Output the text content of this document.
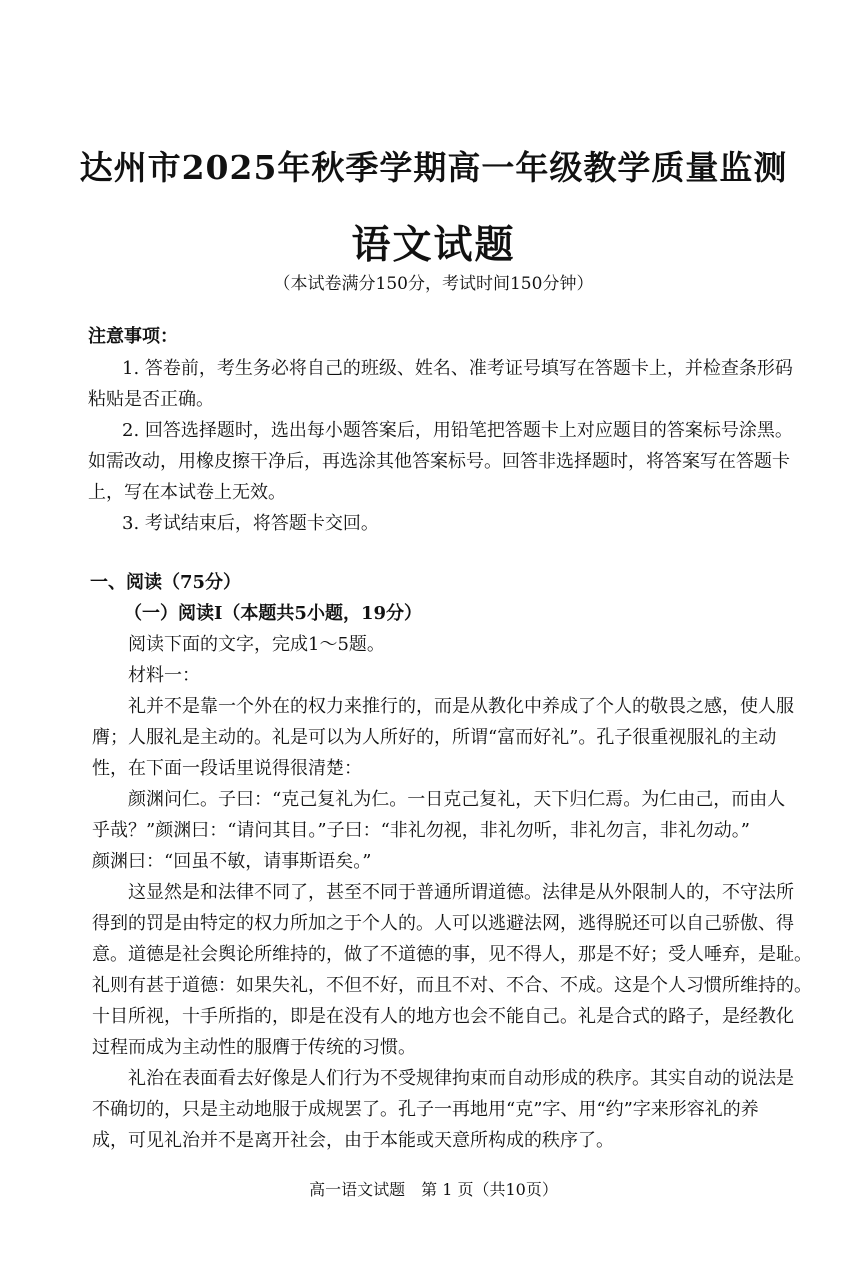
达州市2025年秋季学期高一年级教学质量监测
语文试题
（本试卷满分150分，考试时间150分钟）
注意事项：
1. 答卷前，考生务必将自己的班级、姓名、准考证号填写在答题卡上，并检查条形码
粘贴是否正确。
2. 回答选择题时，选出每小题答案后，用铅笔把答题卡上对应题目的答案标号涂黑。
如需改动，用橡皮擦干净后，再选涂其他答案标号。回答非选择题时，将答案写在答题卡
上，写在本试卷上无效。
3. 考试结束后，将答题卡交回。
一、阅读（75分）
（一）阅读I（本题共5小题，19分）
阅读下面的文字，完成1～5题。
材料一：
礼并不是靠一个外在的权力来推行的，而是从教化中养成了个人的敬畏之感，使人服
膺；人服礼是主动的。礼是可以为人所好的，所谓“富而好礼”。孔子很重视服礼的主动
性，在下面一段话里说得很清楚：
颜渊问仁。子曰：“克己复礼为仁。一日克己复礼，天下归仁焉。为仁由己，而由人
乎哉？”颜渊曰：“请问其目。”子曰：“非礼勿视，非礼勿听，非礼勿言，非礼勿动。”
颜渊曰：“回虽不敏，请事斯语矣。”
这显然是和法律不同了，甚至不同于普通所谓道德。法律是从外限制人的，不守法所
得到的罚是由特定的权力所加之于个人的。人可以逃避法网，逃得脱还可以自己骄傲、得
意。道德是社会舆论所维持的，做了不道德的事，见不得人，那是不好；受人唾弃，是耻。
礼则有甚于道德：如果失礼，不但不好，而且不对、不合、不成。这是个人习惯所维持的。
十目所视，十手所指的，即是在没有人的地方也会不能自己。礼是合式的路子，是经教化
过程而成为主动性的服膺于传统的习惯。
礼治在表面看去好像是人们行为不受规律拘束而自动形成的秩序。其实自动的说法是
不确切的，只是主动地服于成规罢了。孔子一再地用“克”字、用“约”字来形容礼的养
成，可见礼治并不是离开社会，由于本能或天意所构成的秩序了。
高一语文试题　第 1 页（共10页）
